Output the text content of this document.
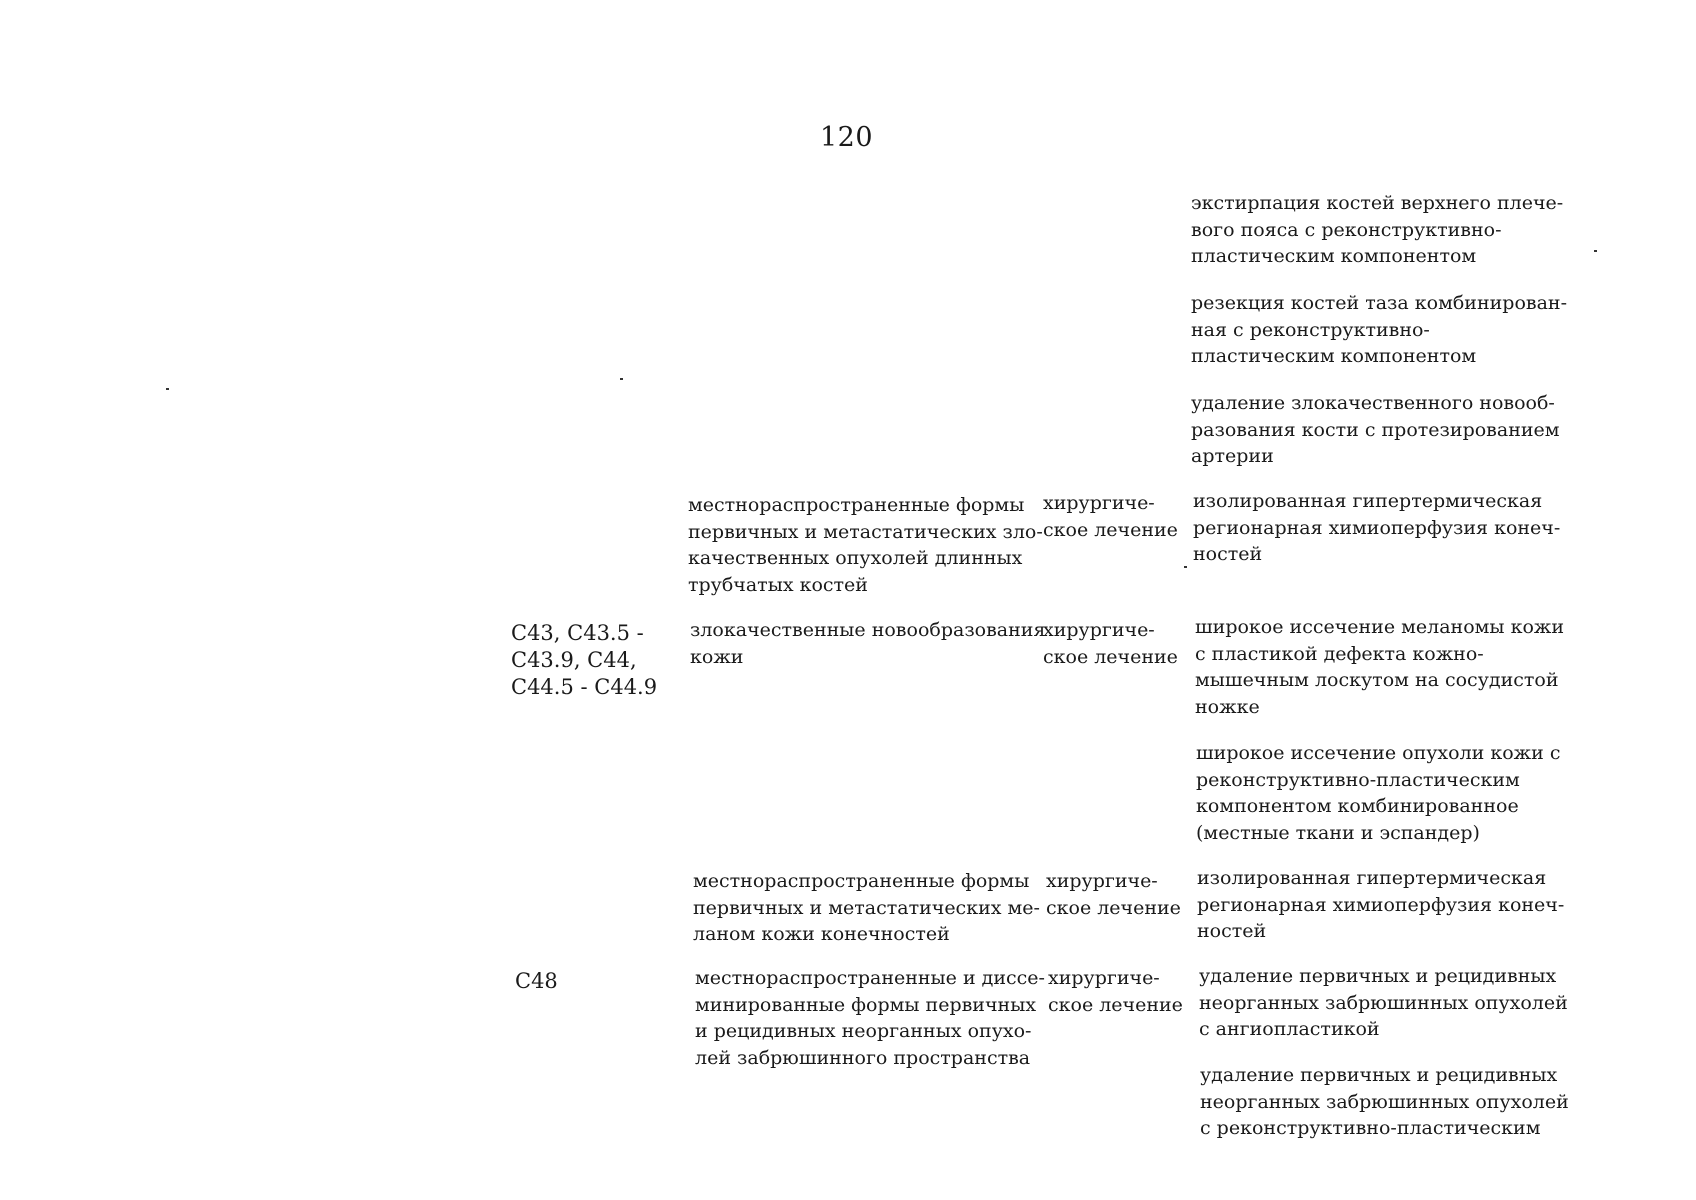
120
экстирпация костей верхнего плече-
вого пояса с реконструктивно-
пластическим компонентом
резекция костей таза комбинирован-
ная с реконструктивно-
пластическим компонентом
удаление злокачественного новооб-
разования кости с протезированием
артерии
местнораспространенные формы
первичных и метастатических зло-
качественных опухолей длинных
трубчатых костей
хирургиче-
ское лечение
изолированная гипертермическая
регионарная химиоперфузия конеч-
ностей
С43, С43.5 -
С43.9, С44,
С44.5 - С44.9
злокачественные новообразования
кожи
хирургиче-
ское лечение
широкое иссечение меланомы кожи
с пластикой дефекта кожно-
мышечным лоскутом на сосудистой
ножке
широкое иссечение опухоли кожи с
реконструктивно-пластическим
компонентом комбинированное
(местные ткани и эспандер)
местнораспространенные формы
первичных и метастатических ме-
ланом кожи конечностей
хирургиче-
ское лечение
изолированная гипертермическая
регионарная химиоперфузия конеч-
ностей
С48	местнораспространенные и диссе-
минированные формы первичных
и рецидивных неорганных опухо-
лей забрюшинного пространства
хирургиче-
ское лечение
удаление первичных и рецидивных
неорганных забрюшинных опухолей
с ангиопластикой
удаление первичных и рецидивных
неорганных забрюшинных опухолей
с реконструктивно-пластическим
